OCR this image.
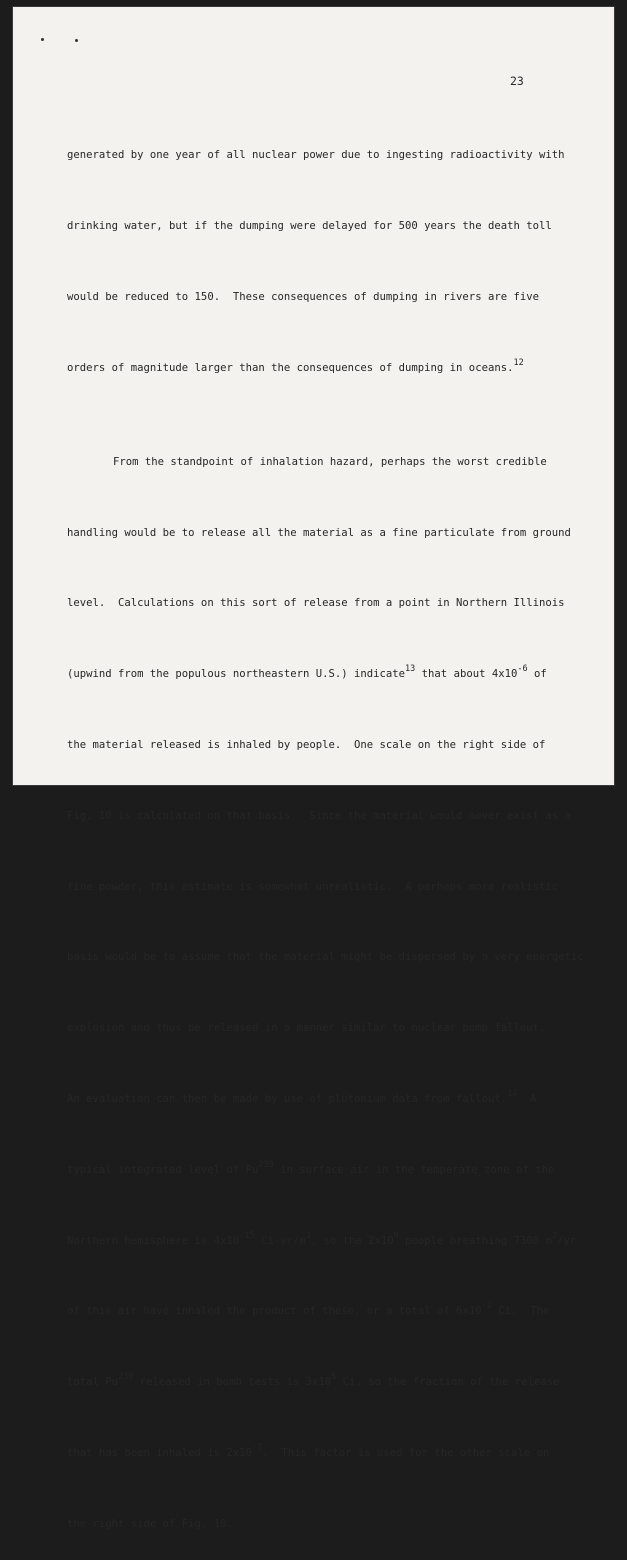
23

generated by one year of all nuclear power due to ingesting radioactivity with

drinking water, but if the dumping were delayed for 500 years the death toll

would be reduced to 150.  These consequences of dumping in rivers are five

orders of magnitude larger than the consequences of dumping in oceans.$^{12}$

From the standpoint of inhalation hazard, perhaps the worst credible

handling would be to release all the material as a fine particulate from ground

level.  Calculations on this sort of release from a point in Northern Illinois

(upwind from the populous northeastern U.S.) indicate$^{13}$ that about $4x10^{-6}$ of

the material released is inhaled by people.  One scale on the right side of

Fig. 10 is calculated on that basis.  Since the material would never exist as a

fine powder, this estimate is somewhat unrealistic.  A perhaps more realistic

basis would be to assume that the material might be dispersed by a very energetic

explosion and thus be released in a manner similar to nuclear bomb fallout.

An evaluation can then be made by use of plutonium data from fallout.$^{14}$  A

typical integrated level of Pu$^{239}$ in surface air in the temperate zone of the

Northern hemisphere is $4x10^{-15}$ $Ci-yr/m^3$, so the $2x10^9$ people breathing 7300 $m^3/yr$

of this air have inhaled the product of these, or a total of $6x10^{-2}$ Ci.  The

total Pu$^{239}$ released in bomb tests is $3x10^5$ Ci, so the fraction of the release

that has been inhaled is $2x10^{-7}$.  This factor is used for the other scale on

the right side of Fig. 10.
